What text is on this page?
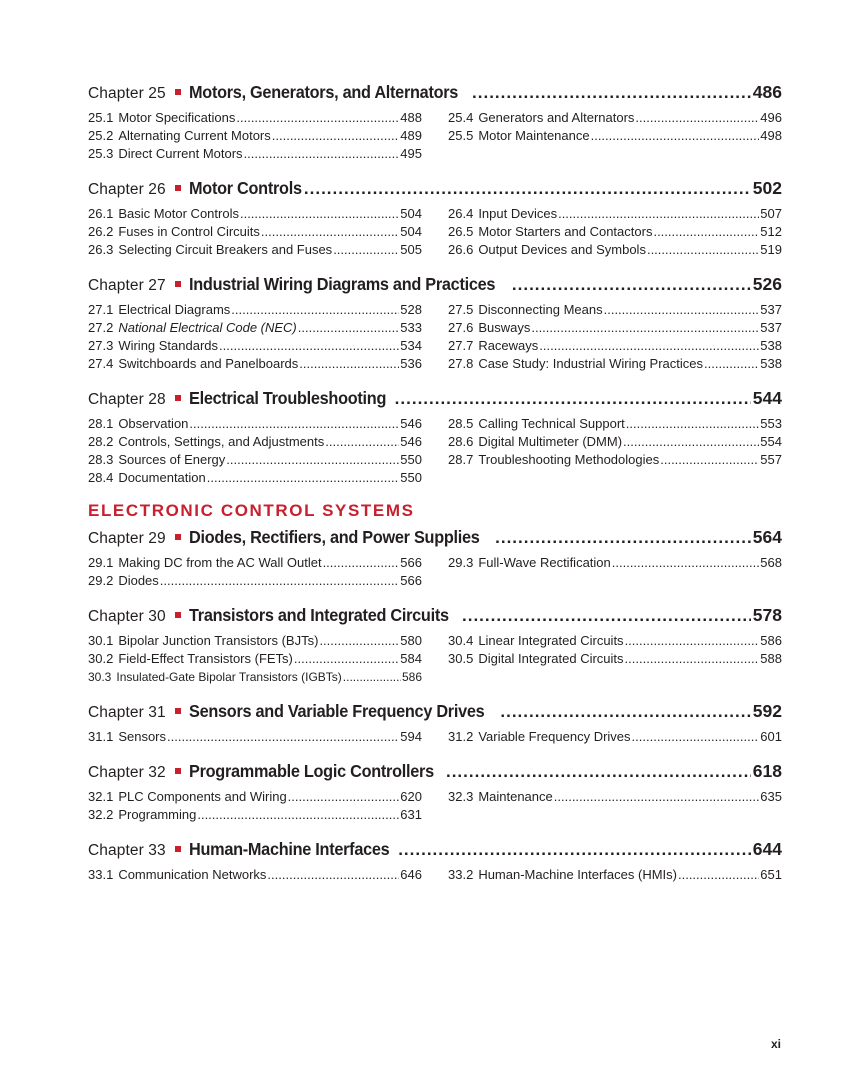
Chapter 25 Motors, Generators, and Alternators .....	486
25.1 Motor Specifications .....	488
25.2 Alternating Current Motors .....	489
25.3 Direct Current Motors .....	495
25.4 Generators and Alternators .....	496
25.5 Motor Maintenance .....	498
Chapter 26 Motor Controls .....	502
26.1 Basic Motor Controls .....	504
26.2 Fuses in Control Circuits .....	504
26.3 Selecting Circuit Breakers and Fuses .....	505
26.4 Input Devices .....	507
26.5 Motor Starters and Contactors .....	512
26.6 Output Devices and Symbols .....	519
Chapter 27 Industrial Wiring Diagrams and Practices .....	526
27.1 Electrical Diagrams .....	528
27.2 National Electrical Code (NEC) .....	533
27.3 Wiring Standards .....	534
27.4 Switchboards and Panelboards .....	536
27.5 Disconnecting Means .....	537
27.6 Busways .....	537
27.7 Raceways .....	538
27.8 Case Study: Industrial Wiring Practices .....	538
Chapter 28 Electrical Troubleshooting .....	544
28.1 Observation .....	546
28.2 Controls, Settings, and Adjustments .....	546
28.3 Sources of Energy .....	550
28.4 Documentation .....	550
28.5 Calling Technical Support .....	553
28.6 Digital Multimeter (DMM) .....	554
28.7 Troubleshooting Methodologies .....	557
ELECTRONIC CONTROL SYSTEMS
Chapter 29 Diodes, Rectifiers, and Power Supplies .....	564
29.1 Making DC from the AC Wall Outlet .....	566
29.2 Diodes .....	566
29.3 Full-Wave Rectification .....	568
Chapter 30 Transistors and Integrated Circuits .....	578
30.1 Bipolar Junction Transistors (BJTs) .....	580
30.2 Field-Effect Transistors (FETs) .....	584
30.3 Insulated-Gate Bipolar Transistors (IGBTs) .....	586
30.4 Linear Integrated Circuits .....	586
30.5 Digital Integrated Circuits .....	588
Chapter 31 Sensors and Variable Frequency Drives .....	592
31.1 Sensors .....	594 31.2 Variable Frequency Drives .....	601
Chapter 32 Programmable Logic Controllers .....	618
32.1 PLC Components and Wiring .....	620
32.2 Programming .....	631
32.3 Maintenance .....	635
Chapter 33 Human-Machine Interfaces .....	644
33.1 Communication Networks .....	646 33.2 Human-Machine Interfaces (HMIs) .....	651
xi
